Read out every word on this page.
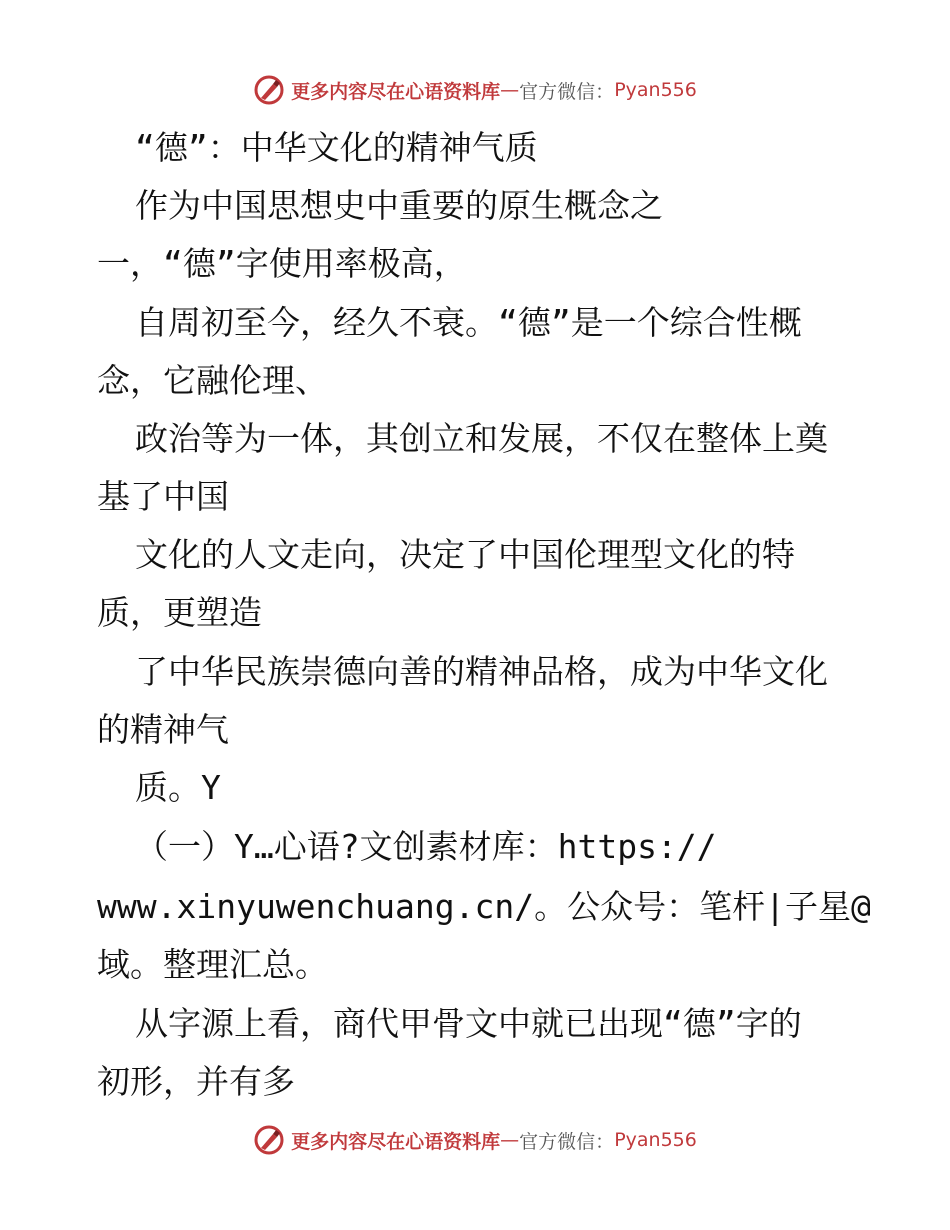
更多内容尽在心语资料库 — 官方微信： Pyan556
“德”：中华文化的精神气质
作为中国思想史中重要的原生概念之
一，“德”字使用率极高，
自周初至今，经久不衰。“德”是一个综合性概
念，它融伦理、
政治等为一体，其创立和发展，不仅在整体上奠
基了中国
文化的人文走向，决定了中国伦理型文化的特
质，更塑造
了中华民族崇德向善的精神品格，成为中华文化
的精神气
质。Y
（一）Y…心语?文创素材库：https://
www.xinyuwenchuang.cn/。公众号：笔杆|子星@
域。整理汇总。
从字源上看，商代甲骨文中就已出现“德”字的
初形，并有多
更多内容尽在心语资料库 — 官方微信： Pyan556
